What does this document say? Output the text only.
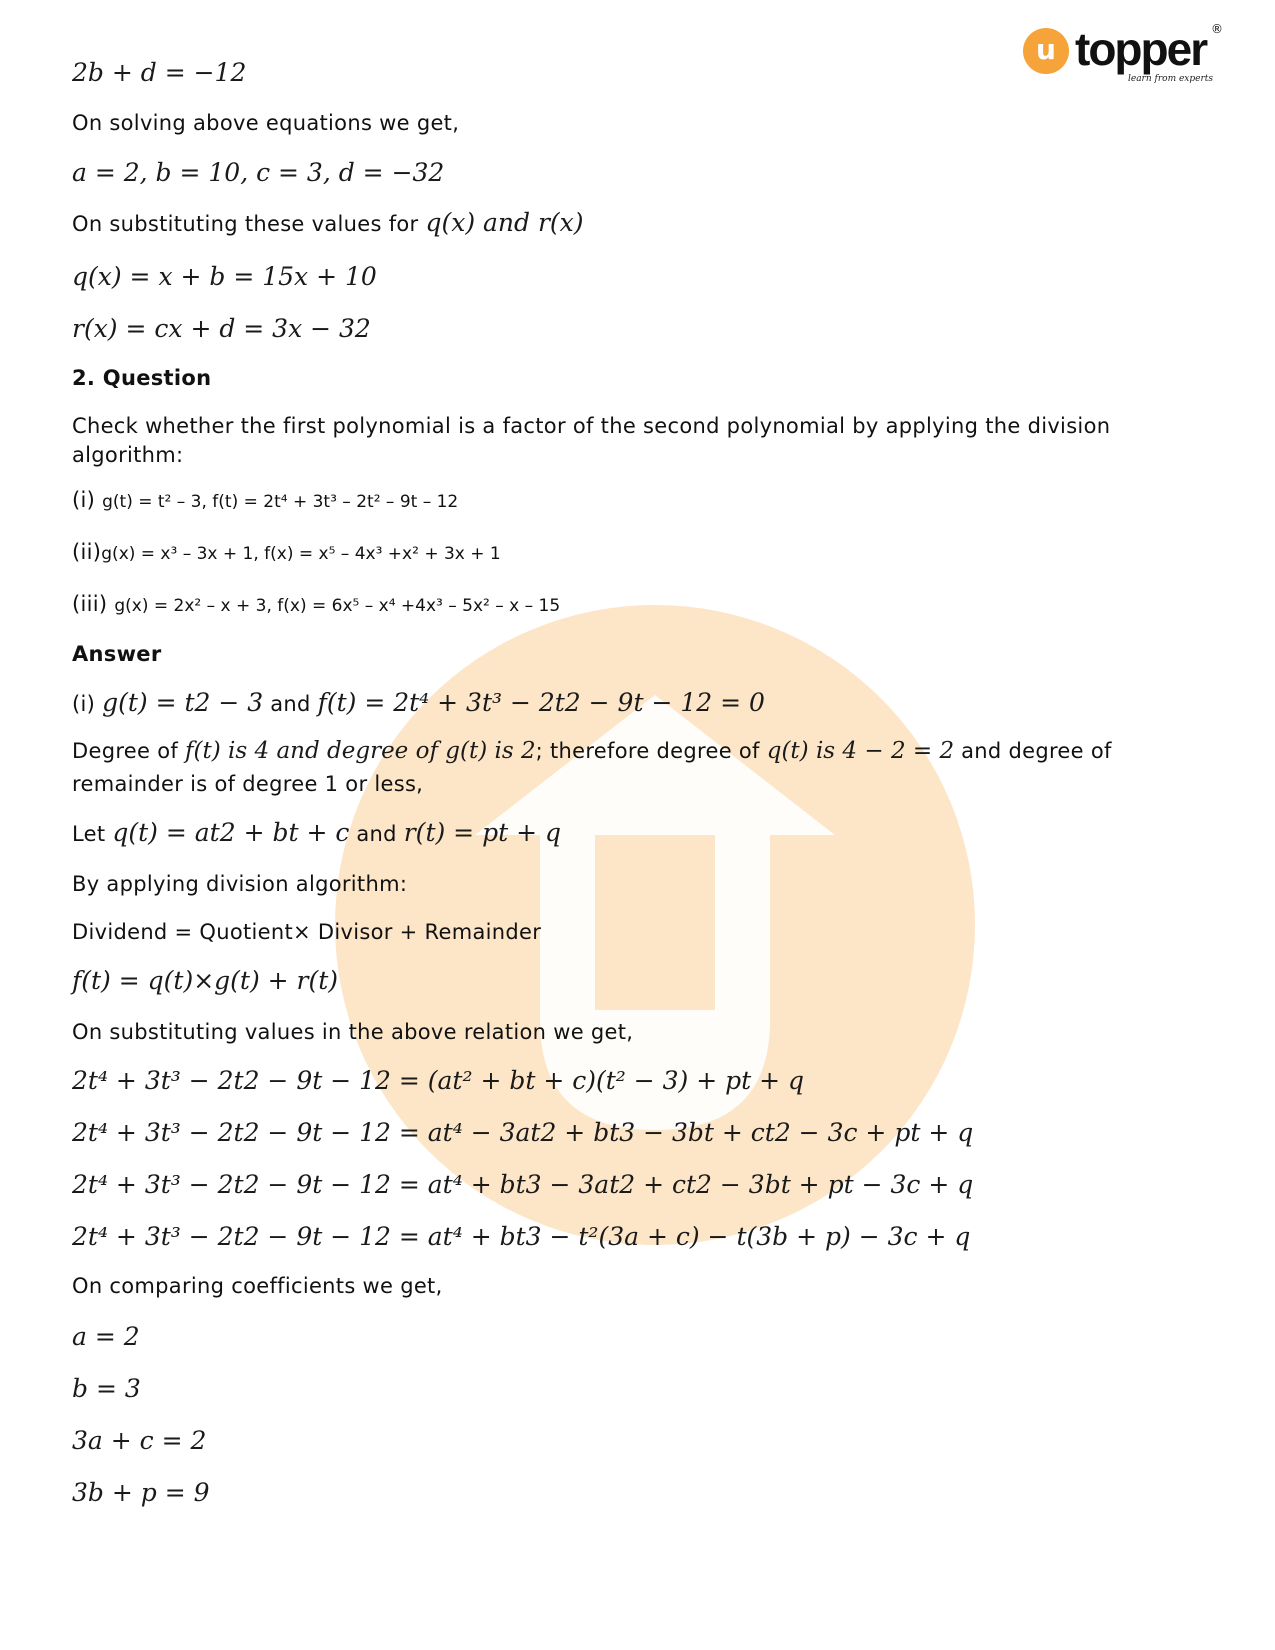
u topper ®
learn from experts
2b + d = −12
On solving above equations we get,
a = 2, b = 10, c = 3, d = −32
On substituting these values for q(x) and r(x)
q(x) = x + b = 15x + 10
r(x) = cx + d = 3x − 32
2. Question
Check whether the first polynomial is a factor of the second polynomial by applying the division algorithm:
(i) g(t) = t² – 3, f(t) = 2t⁴ + 3t³ – 2t² – 9t – 12
(ii)g(x) = x³ – 3x + 1, f(x) = x⁵ – 4x³ +x² + 3x + 1
(iii) g(x) = 2x² – x + 3, f(x) = 6x⁵ – x⁴ +4x³ – 5x² – x – 15
Answer
(i) g(t) = t2 − 3 and f(t) = 2t⁴ + 3t³ − 2t2 − 9t − 12 = 0
Degree of f(t) is 4 and degree of g(t) is 2; therefore degree of q(t) is 4 − 2 = 2 and degree of
remainder is of degree 1 or less,
Let q(t) = at2 + bt + c and r(t) = pt + q
By applying division algorithm:
Dividend = Quotient× Divisor + Remainder
f(t) = q(t)×g(t) + r(t)
On substituting values in the above relation we get,
2t⁴ + 3t³ − 2t2 − 9t − 12 = (at² + bt + c)(t² − 3) + pt + q
2t⁴ + 3t³ − 2t2 − 9t − 12 = at⁴ − 3at2 + bt3 − 3bt + ct2 − 3c + pt + q
2t⁴ + 3t³ − 2t2 − 9t − 12 = at⁴ + bt3 − 3at2 + ct2 − 3bt + pt − 3c + q
2t⁴ + 3t³ − 2t2 − 9t − 12 = at⁴ + bt3 − t²(3a + c) − t(3b + p) − 3c + q
On comparing coefficients we get,
a = 2
b = 3
3a + c = 2
3b + p = 9
